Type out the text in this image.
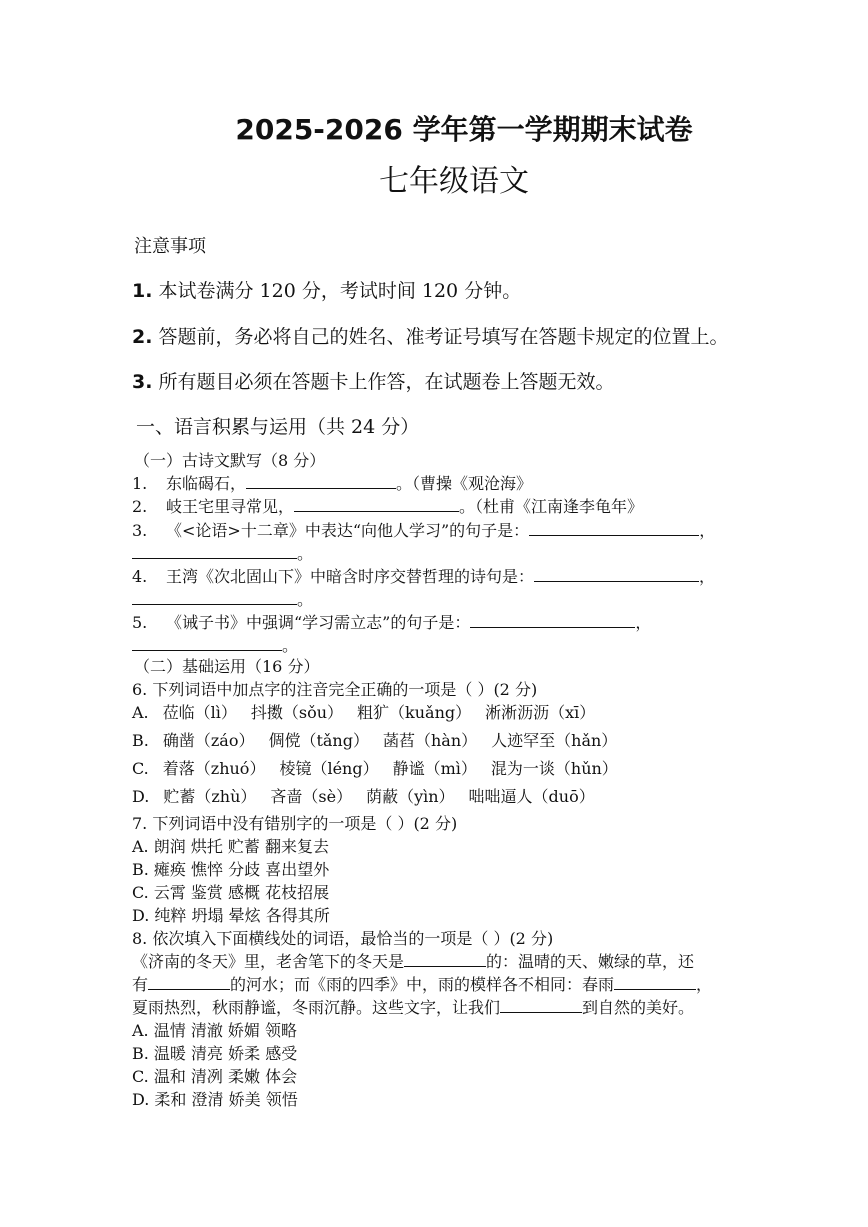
2025-2026 学年第一学期期末试卷
七年级语文
注意事项
1. 本试卷满分 120 分，考试时间 120 分钟。
2. 答题前，务必将自己的姓名、准考证号填写在答题卡规定的位置上。
3. 所有题目必须在答题卡上作答，在试题卷上答题无效。
一、语言积累与运用（共 24 分）
（一）古诗文默写（8 分）
1. 东临碣石，	。（曹操《观沧海》
2. 岐王宅里寻常见，	。（杜甫《江南逢李龟年》
3. 《<论语>十二章》中表达“向他人学习”的句子是：	，
。
4. 王湾《次北固山下》中暗含时序交替哲理的诗句是：	，
。
5. 《诫子书》中强调“学习需立志”的句子是：	，
。
（二）基础运用（16 分）
6. 下列词语中加点字的注音完全正确的一项是（ ）(2 分)
A. 莅临（lì） 抖擞（sǒu） 粗犷（kuǎng） 淅淅沥沥（xī）
B. 确凿（záo） 倜傥（tǎng） 菡萏（hàn） 人迹罕至（hǎn）
C. 着落（zhuó） 棱镜（léng） 静谧（mì） 混为一谈（hǔn）
D. 贮蓄（zhù） 吝啬（sè） 荫蔽（yìn） 咄咄逼人（duō）
7. 下列词语中没有错别字的一项是（ ）(2 分)
A. 朗润 烘托 贮蓄 翻来复去
B. 瘫痪 憔悴 分歧 喜出望外
C. 云霄 鉴赏 感概 花枝招展
D. 纯粹 坍塌 晕炫 各得其所
8. 依次填入下面横线处的词语，最恰当的一项是（ ）(2 分)
《济南的冬天》里，老舍笔下的冬天是	的：温晴的天、嫩绿的草，还
有	的河水；而《雨的四季》中，雨的模样各不相同：春雨	，
夏雨热烈，秋雨静谧，冬雨沉静。这些文字，让我们	到自然的美好。
A. 温情 清澈 娇媚 领略
B. 温暖 清亮 娇柔 感受
C. 温和 清冽 柔嫩 体会
D. 柔和 澄清 娇美 领悟
